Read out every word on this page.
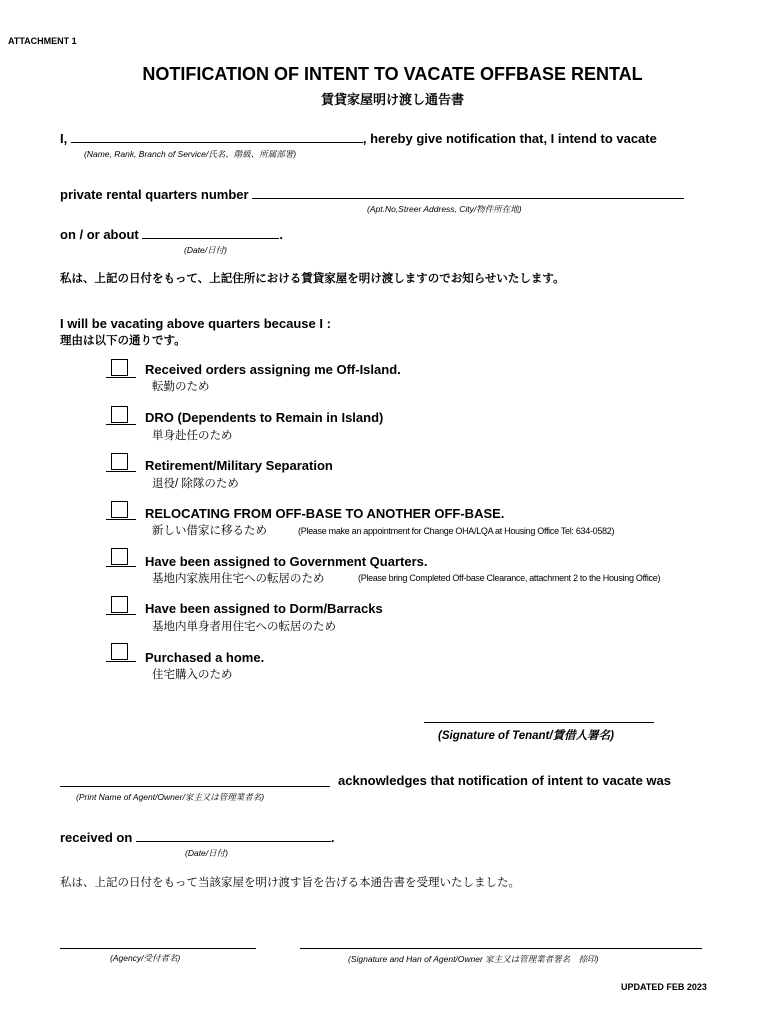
ATTACHMENT 1
NOTIFICATION OF INTENT TO VACATE OFFBASE RENTAL
賃貸家屋明け渡し通告書
I,	, hereby give notification that, I intend to vacate
(Name, Rank, Branch of Service/氏名、階級、所属部署)
private rental quarters number
(Apt.No,Streer Address, City/物件所在地)
on / or about	.
(Date/日付)
私は、上記の日付をもって、上記住所における賃貸家屋を明け渡しますのでお知らせいたします。
I will be vacating above quarters because I :
理由は以下の通りです。
Received orders assigning me Off-Island.
転勤のため
DRO (Dependents to Remain in Island)
単身赴任のため
Retirement/Military Separation
退役/ 除隊のため
RELOCATING FROM OFF-BASE TO ANOTHER OFF-BASE.
新しい借家に移るため	(Please make an appointment for Change OHA/LQA at Housing Office Tel: 634-0582)
Have been assigned to Government Quarters.
基地内家族用住宅への転居のため	(Please bring Completed Off-base Clearance, attachment 2 to the Housing Office)
Have been assigned to Dorm/Barracks
基地内単身者用住宅への転居のため
Purchased a home.
住宅購入のため
(Signature of Tenant/賃借人署名)
acknowledges that notification of intent to vacate was
(Print Name of Agent/Owner/家主又は管理業者名)
received on	.
(Date/日付)
私は、上記の日付をもって当該家屋を明け渡す旨を告げる本通告書を受理いたしました。
(Agency/受付者名)	(Signature and Han of Agent/Owner 家主又は管理業者署名　捺印)
UPDATED FEB 2023
